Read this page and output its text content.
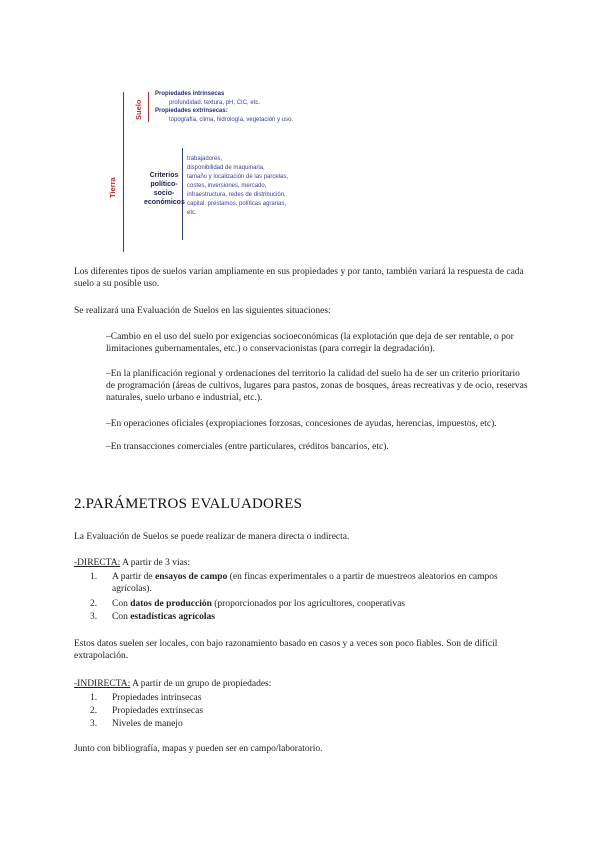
Suelo
Tierra
Propiedades intrínsecas
profundidad, textura, pH, CIC, etc.
Propiedades extrínsecas:
topografía, clima, hidrología, vegetación y uso.
Criterios político-socio-económicos
trabajadores,
disponibilidad de maquinaria,
tamaño y localización de las parcelas,
costes, inversiones, mercado,
infraestructura, redes de distribución,
capital, préstamos, políticas agrarias,
etc.
Los diferentes tipos de suelos varían ampliamente en sus propiedades y por tanto, también variará la respuesta de cada suelo a su posible uso.
Se realizará una Evaluación de Suelos en las siguientes situaciones:
–Cambio en el uso del suelo por exigencias socioeconómicas (la explotación que deja de ser rentable, o por limitaciones gubernamentales, etc.) o conservacionistas (para corregir la degradación).
–En la planificación regional y ordenaciones del territorio la calidad del suelo ha de ser un criterio prioritario de programación (áreas de cultivos, lugares para pastos, zonas de bosques, áreas recreativas y de ocio, reservas naturales, suelo urbano e industrial, etc.).
–En operaciones oficiales (expropiaciones forzosas, concesiones de ayudas, herencias, impuestos, etc).
–En transacciones comerciales (entre particulares, créditos bancarios, etc).
2.PARÁMETROS EVALUADORES
La Evaluación de Suelos se puede realizar de manera directa o indirecta.
-DIRECTA: A partir de 3 vías:
1. A partir de ensayos de campo (en fincas experimentales o a partir de muestreos aleatorios en campos agrícolas).
2. Con datos de producción (proporcionados por los agricultores, cooperativas
3. Con estadísticas agrícolas
Estos datos suelen ser locales, con bajo razonamiento basado en casos y a veces son poco fiables. Son de difícil extrapolación.
-INDIRECTA: A partir de un grupo de propiedades:
1. Propiedades intrínsecas
2. Propiedades extrínsecas
3. Niveles de manejo
Junto con bibliografía, mapas y pueden ser en campo/laboratorio.
